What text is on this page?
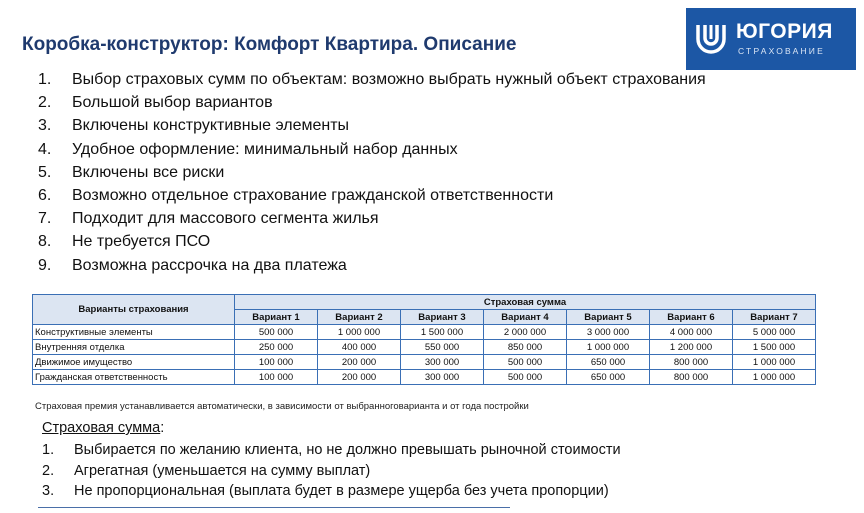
Коробка-конструктор: Комфорт Квартира. Описание
ЮГОРИЯ
СТРАХОВАНИЕ
1. Выбор страховых сумм по объектам: возможно выбрать нужный объект страхования
2. Большой выбор вариантов
3. Включены конструктивные элементы
4. Удобное оформление: минимальный набор данных
5. Включены все риски
6. Возможно отдельное страхование гражданской ответственности
7. Подходит для массового сегмента жилья
8. Не требуется ПСО
9. Возможна рассрочка на два платежа
Варианты страхования	Страховая сумма						
	Вариант 1	Вариант 2	Вариант 3	Вариант 4	Вариант 5	Вариант 6	Вариант 7
Конструктивные элементы	500 000	1 000 000	1 500 000	2 000 000	3 000 000	4 000 000	5 000 000
Внутренняя отделка	250 000	400 000	550 000	850 000	1 000 000	1 200 000	1 500 000
Движимое имущество	100 000	200 000	300 000	500 000	650 000	800 000	1 000 000
Гражданская ответственность	100 000	200 000	300 000	500 000	650 000	800 000	1 000 000
Страховая премия устанавливается автоматически, в зависимости от выбранноговарианта и от года постройки
Страховая сумма:
1. Выбирается по желанию клиента, но не должно превышать рыночной стоимости
2. Агрегатная (уменьшается на сумму выплат)
3. Не пропорциональная (выплата будет в размере ущерба без учета пропорции)
